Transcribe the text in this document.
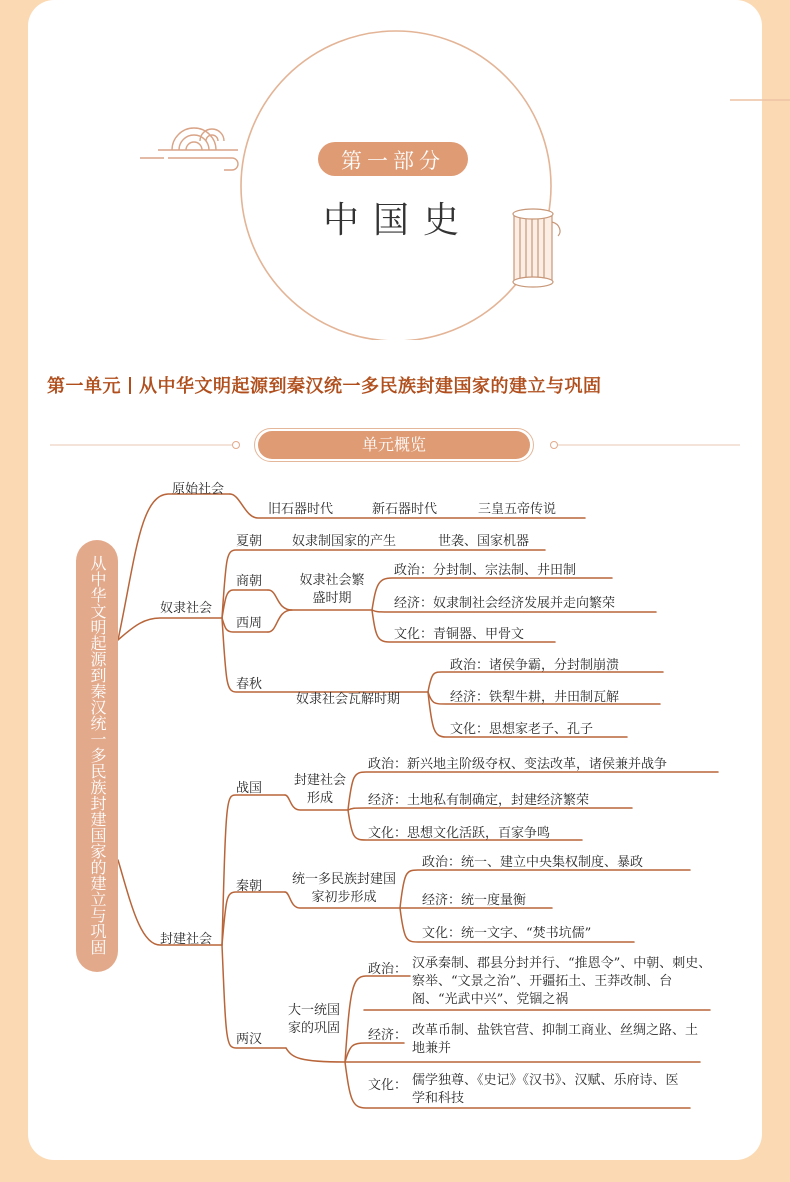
第一部分
中国史
第一单元 从中华文明起源到秦汉统一多民族封建国家的建立与巩固
单元概览
从中华文明起源到秦汉统一多民族封建国家的建立与巩固
原始社会
奴隶社会
封建社会
旧石器时代	新石器时代	三皇五帝传说
夏朝 奴隶制国家的产生	世袭、国家机器
商朝
西周
奴隶社会繁盛时期
政治：分封制、宗法制、井田制
经济：奴隶制社会经济发展并走向繁荣
文化：青铜器、甲骨文
春秋
奴隶社会瓦解时期
政治：诸侯争霸，分封制崩溃
经济：铁犁牛耕，井田制瓦解
文化：思想家老子、孔子
战国
封建社会形成
政治：新兴地主阶级夺权、变法改革，诸侯兼并战争
经济：土地私有制确定，封建经济繁荣
文化：思想文化活跃，百家争鸣
秦朝 统一多民族封建国家初步形成
政治：统一、建立中央集权制度、暴政
经济：统一度量衡
文化：统一文字、“焚书坑儒”
两汉
大一统国家的巩固
政治： 汉承秦制、郡县分封并行、“推恩令”、中朝、刺史、察举、“文景之治”、开疆拓土、王莽改制、台阁、“光武中兴”、党锢之祸
经济： 改革币制、盐铁官营、抑制工商业、丝绸之路、土地兼并
文化： 儒学独尊、《史记》《汉书》、汉赋、乐府诗、医学和科技
